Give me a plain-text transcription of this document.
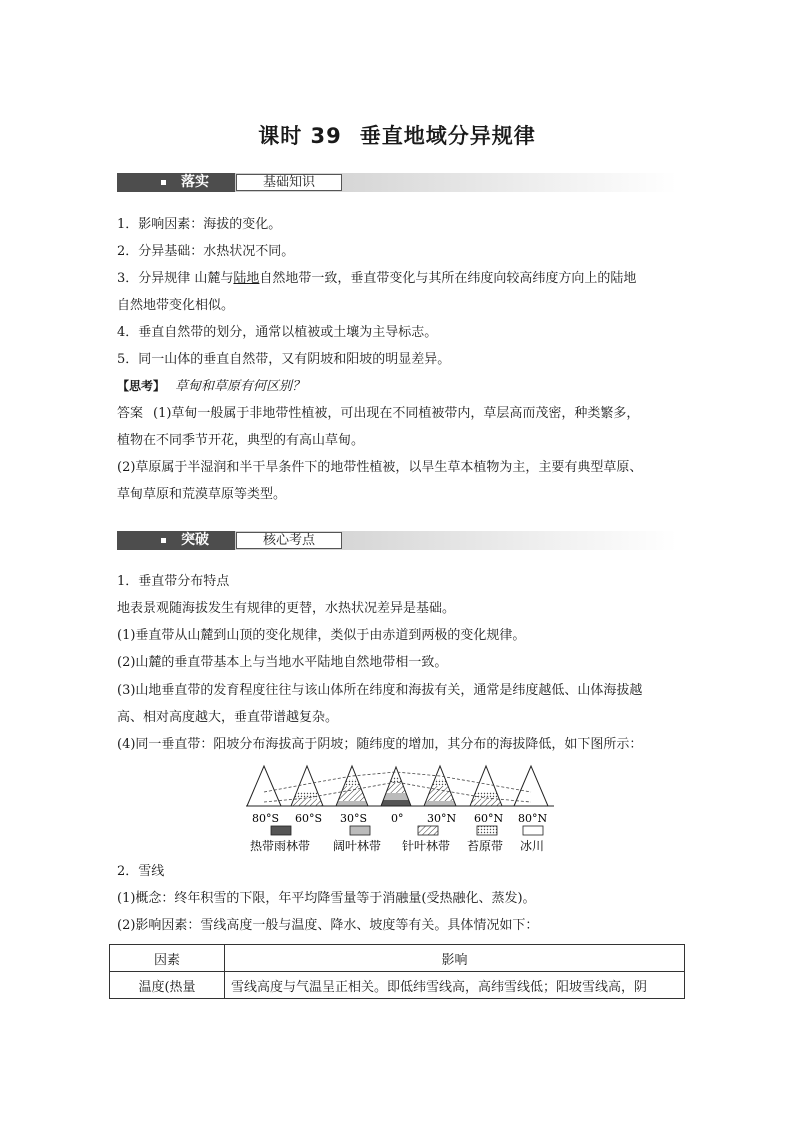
课时 39 垂直地域分异规律
落实	基础知识
1．影响因素：海拔的变化。
2．分异基础：水热状况不同。
3．分异规律 山麓与陆地自然地带一致，垂直带变化与其所在纬度向较高纬度方向上的陆地
自然地带变化相似。
4．垂直自然带的划分，通常以植被或土壤为主导标志。
5．同一山体的垂直自然带，又有阴坡和阳坡的明显差异。
【思考】 草甸和草原有何区别？
答案 (1)草甸一般属于非地带性植被，可出现在不同植被带内，草层高而茂密，种类繁多，
植物在不同季节开花，典型的有高山草甸。
(2)草原属于半湿润和半干旱条件下的地带性植被，以旱生草本植物为主，主要有典型草原、
草甸草原和荒漠草原等类型。
突破	核心考点
1．垂直带分布特点
地表景观随海拔发生有规律的更替，水热状况差异是基础。
(1)垂直带从山麓到山顶的变化规律，类似于由赤道到两极的变化规律。
(2)山麓的垂直带基本上与当地水平陆地自然地带相一致。
(3)山地垂直带的发育程度往往与该山体所在纬度和海拔有关，通常是纬度越低、山体海拔越
高、相对高度越大，垂直带谱越复杂。
(4)同一垂直带：阳坡分布海拔高于阴坡；随纬度的增加，其分布的海拔降低，如下图所示：
80°S 60°S 30°S 0° 30°N 60°N 80°N
热带雨林带 阔叶林带 针叶林带 苔原带 冰川
2．雪线
(1)概念：终年积雪的下限，年平均降雪量等于消融量(受热融化、蒸发)。
(2)影响因素：雪线高度一般与温度、降水、坡度等有关。具体情况如下：
因素	影响
温度(热量	雪线高度与气温呈正相关。即低纬雪线高，高纬雪线低；阳坡雪线高，阴
